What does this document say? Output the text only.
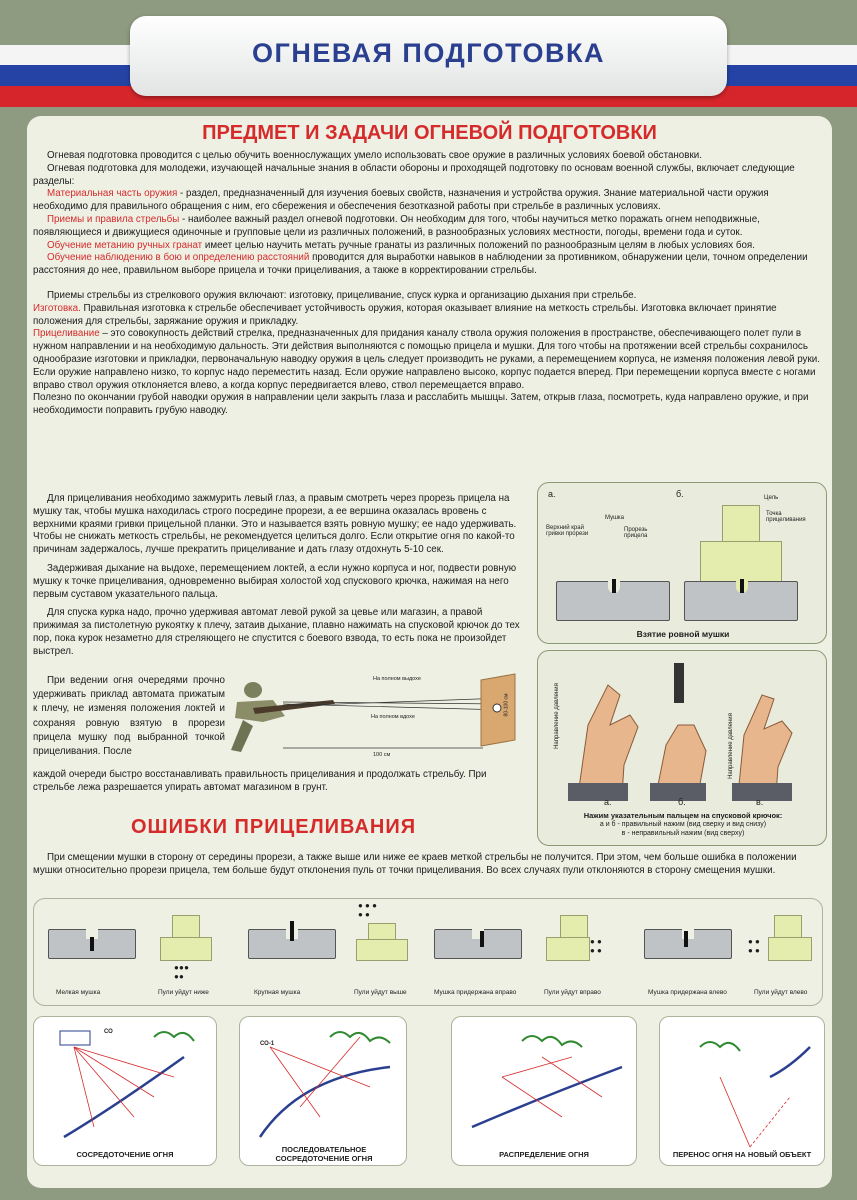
ОГНЕВАЯ ПОДГОТОВКА
ПРЕДМЕТ И ЗАДАЧИ ОГНЕВОЙ ПОДГОТОВКИ

Огневая подготовка проводится с целью обучить военнослужащих умело использовать свое оружие в различных условиях боевой обстановки.

Огневая подготовка для молодежи, изучающей начальные знания в области обороны и проходящей подготовку по основам военной службы, включает следующие разделы:

Материальная часть оружия - раздел, предназначенный для изучения боевых свойств, назначения и устройства оружия. Знание материальной части оружия необходимо для правильного обращения с ним, его сбережения и обеспечения безотказной работы при стрельбе в различных условиях.

Приемы и правила стрельбы - наиболее важный раздел огневой подготовки. Он необходим для того, чтобы научиться метко поражать огнем неподвижные, появляющиеся и движущиеся одиночные и групповые цели из различных положений, в разнообразных условиях местности, погоды, времени года и суток.

Обучение метанию ручных гранат имеет целью научить метать ручные гранаты из различных положений по разнообразным целям в любых условиях боя.

Обучение наблюдению в бою и определению расстояний проводится для выработки навыков в наблюдении за противником, обнаружении цели, точном определении расстояния до нее, правильном выборе прицела и точки прицеливания, а также в корректировании стрельбы.

Приемы стрельбы из стрелкового оружия включают: изготовку, прицеливание, спуск курка и организацию дыхания при стрельбе.

Изготовка. Правильная изготовка к стрельбе обеспечивает устойчивость оружия, которая оказывает влияние на меткость стрельбы. Изготовка включает принятие положения для стрельбы, заряжание оружия и прикладку.

Прицеливание – это совокупность действий стрелка, предназначенных для придания каналу ствола оружия положения в пространстве, обеспечивающего полет пули в нужном направлении и на необходимую дальность. Эти действия выполняются с помощью прицела и мушки. Для того чтобы на протяжении всей стрельбы сохранилось однообразие изготовки и прикладки, первоначальную наводку оружия в цель следует производить не руками, а перемещением корпуса, не изменяя положения левой руки. Если оружие направлено низко, то корпус надо переместить назад. Если оружие направлено высоко, корпус подается вперед. При перемещении корпуса вместе с ногами вправо ствол оружия отклоняется влево, а когда корпус передвигается влево, ствол перемещается вправо.

Полезно по окончании грубой наводки оружия в направлении цели закрыть глаза и расслабить мышцы. Затем, открыв глаза, посмотреть, куда направлено оружие, и при необходимости поправить грубую наводку.

Для прицеливания необходимо зажмурить левый глаз, а правым смотреть через прорезь прицела на мушку так, чтобы мушка находилась строго посредине прорези, а ее вершина оказалась вровень с верхними краями гривки прицельной планки. Это и называется взять ровную мушку; ее надо удерживать. Чтобы не снижать меткость стрельбы, не рекомендуется целиться долго. Если открытие огня по какой-то причинам задержалось, лучше прекратить прицеливание и дать глазу отдохнуть 5-10 сек.

Задерживая дыхание на выдохе, перемещением локтей, а если нужно корпуса и ног, подвести ровную мушку к точке прицеливания, одновременно выбирая холостой ход спускового крючка, нажимая на него первым суставом указательного пальца.

Для спуска курка надо, прочно удерживая автомат левой рукой за цевье или магазин, а правой прижимая за пистолетную рукоятку к плечу, затаив дыхание, плавно нажимать на спусковой крючок до тех пор, пока курок незаметно для стреляющего не спустится с боевого взвода, то есть пока не произойдет выстрел.

При ведении огня очередями прочно удерживать приклад автомата прижатым к плечу, не изменяя положения локтей и сохраняя ровную взятую в прорези прицела мушку под выбранной точкой прицеливания. После

каждой очереди быстро восстанавливать правильность прицеливания и продолжать стрельбу. При стрельбе лежа разрешается упирать автомат магазином в грунт.

На полном выдохе
На полном вдохе
100 см
80-100 см
а.	б.
Мушка
Верхний край гривки прорези
Прорезь прицела
Цель
Точка прицеливания
Взятие ровной мушки
Направление давления	Направление давления
а.	б.	в.
Нажим указательным пальцем на спусковой крючок:
а и б - правильный нажим (вид сверху и вид снизу)
в - неправильный нажим (вид сверху)
ОШИБКИ ПРИЦЕЛИВАНИЯ

При смещении мушки в сторону от середины прорези, а также выше или ниже ее краев меткой стрельбы не получится. При этом, чем больше ошибка в положении мушки относительно прорези прицела, тем больше будут отклонения пуль от точки прицеливания. Во всех случаях пули отклоняются в сторону смещения мушки.

● ● ●
● ●
Мелкая мушка	Пули уйдут ниже
● ● ●
● ●
Крупная мушка	Пули уйдут выше
● ●
● ●
Мушка придержана вправо	Пули уйдут вправо
● ●
● ●
Мушка придержана влево	Пули уйдут влево
СО
СОСРЕДОТОЧЕНИЕ ОГНЯ
СО-1
ПОСЛЕДОВАТЕЛЬНОЕ СОСРЕДОТОЧЕНИЕ ОГНЯ	РАСПРЕДЕЛЕНИЕ ОГНЯ	ПЕРЕНОС ОГНЯ НА НОВЫЙ ОБЪЕКТ
